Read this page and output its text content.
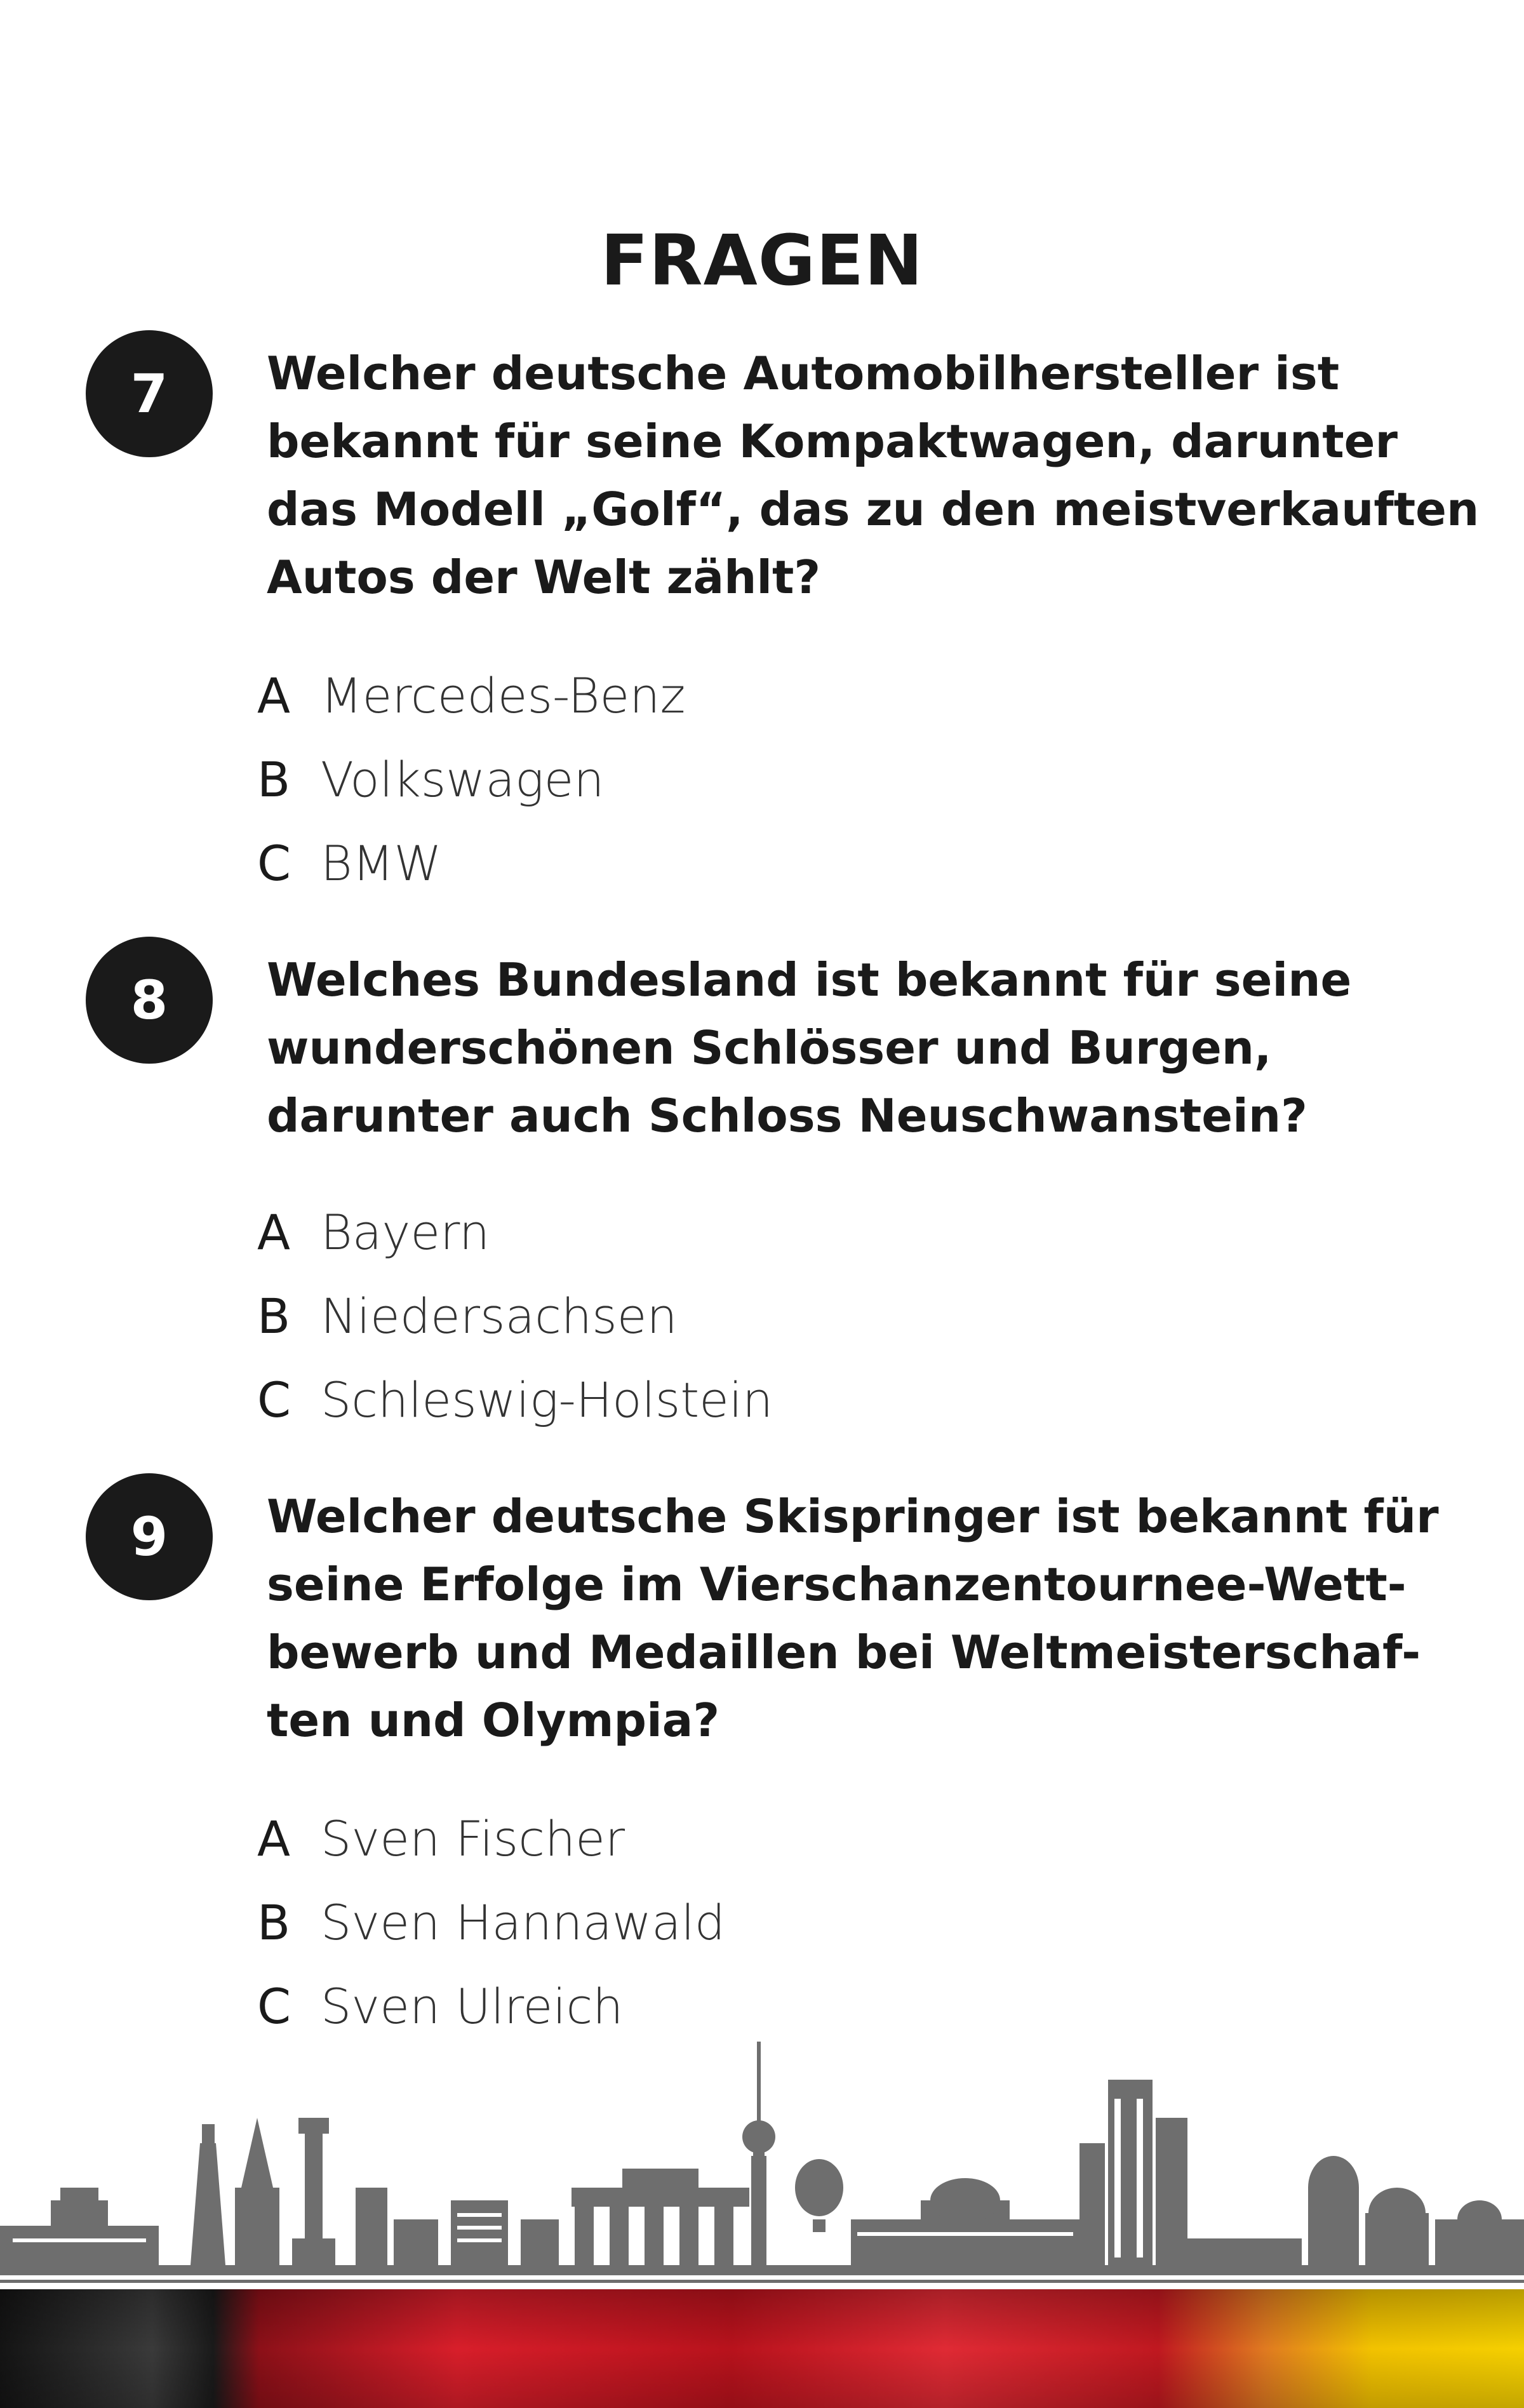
FRAGEN
7	Welcher deutsche Automobilhersteller ist
bekannt für seine Kompaktwagen, darunter
das Modell „Golf“, das zu den meistverkauften
Autos der Welt zählt?
A Mercedes-Benz
B Volkswagen
C BMW
8	Welches Bundesland ist bekannt für seine
wunderschönen Schlösser und Burgen,
darunter auch Schloss Neuschwanstein?
A Bayern
B Niedersachsen
C Schleswig-Holstein
9	Welcher deutsche Skispringer ist bekannt für
seine Erfolge im Vierschanzentournee-Wett-
bewerb und Medaillen bei Weltmeisterschaf-
ten und Olympia?
A Sven Fischer
B Sven Hannawald
C Sven Ulreich
